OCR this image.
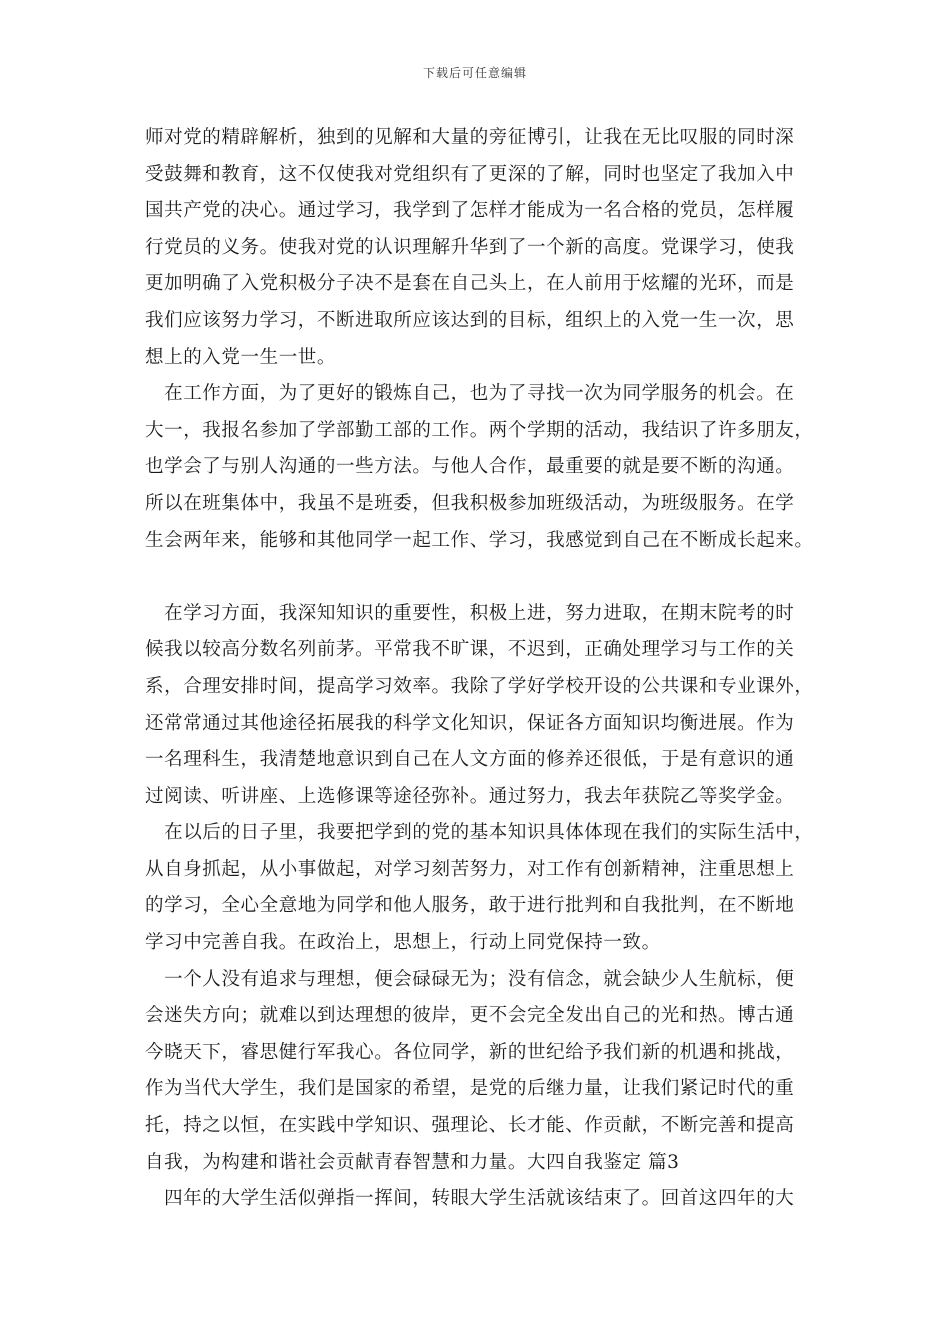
下载后可任意编辑
师对党的精辟解析，独到的见解和大量的旁征博引，让我在无比叹服的同时深
受鼓舞和教育，这不仅使我对党组织有了更深的了解，同时也坚定了我加入中
国共产党的决心。通过学习，我学到了怎样才能成为一名合格的党员，怎样履
行党员的义务。使我对党的认识理解升华到了一个新的高度。党课学习，使我
更加明确了入党积极分子决不是套在自己头上，在人前用于炫耀的光环，而是
我们应该努力学习，不断进取所应该达到的目标，组织上的入党一生一次，思
想上的入党一生一世。
　在工作方面，为了更好的锻炼自己，也为了寻找一次为同学服务的机会。在
大一，我报名参加了学部勤工部的工作。两个学期的活动，我结识了许多朋友，
也学会了与别人沟通的一些方法。与他人合作，最重要的就是要不断的沟通。
所以在班集体中，我虽不是班委，但我积极参加班级活动，为班级服务。在学
生会两年来，能够和其他同学一起工作、学习，我感觉到自己在不断成长起来。
　在学习方面，我深知知识的重要性，积极上进，努力进取，在期末院考的时
候我以较高分数名列前茅。平常我不旷课，不迟到，正确处理学习与工作的关
系，合理安排时间，提高学习效率。我除了学好学校开设的公共课和专业课外，
还常常通过其他途径拓展我的科学文化知识，保证各方面知识均衡进展。作为
一名理科生，我清楚地意识到自己在人文方面的修养还很低，于是有意识的通
过阅读、听讲座、上选修课等途径弥补。通过努力，我去年获院乙等奖学金。
　在以后的日子里，我要把学到的党的基本知识具体体现在我们的实际生活中，
从自身抓起，从小事做起，对学习刻苦努力，对工作有创新精神，注重思想上
的学习，全心全意地为同学和他人服务，敢于进行批判和自我批判，在不断地
学习中完善自我。在政治上，思想上，行动上同党保持一致。
　一个人没有追求与理想，便会碌碌无为；没有信念，就会缺少人生航标，便
会迷失方向；就难以到达理想的彼岸，更不会完全发出自己的光和热。博古通
今晓天下，睿思健行军我心。各位同学，新的世纪给予我们新的机遇和挑战，
作为当代大学生，我们是国家的希望，是党的后继力量，让我们紧记时代的重
托，持之以恒，在实践中学知识、强理论、长才能、作贡献，不断完善和提高
自我，为构建和谐社会贡献青春智慧和力量。大四自我鉴定 篇3
　四年的大学生活似弹指一挥间，转眼大学生活就该结束了。回首这四年的大
